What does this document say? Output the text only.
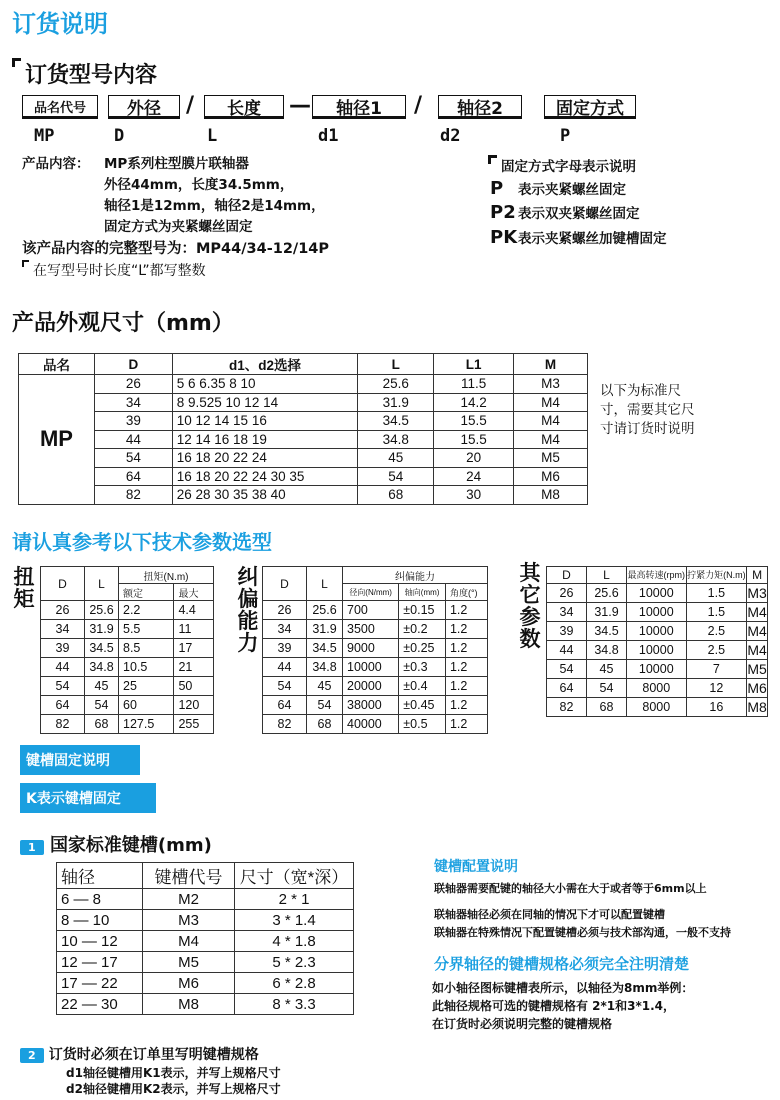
订货说明
订货型号内容
品名代号	外径	/	长度	—	轴径1	/	轴径2	固定方式
MP	D	L	d1	d2	P
产品内容： MP系列柱型膜片联轴器
外径44mm，长度34.5mm，
轴径1是12mm，轴径2是14mm，
固定方式为夹紧螺丝固定
该产品内容的完整型号为：MP44/34-12/14P
在写型号时长度“L”都写整数
固定方式字母表示说明
P 表示夹紧螺丝固定
P2 表示双夹紧螺丝固定
PK表示夹紧螺丝加键槽固定
产品外观尺寸（mm）
品名	D	d1、d2选择	L	L1	M
MP	26	5 6 6.35 8 10	25.6	11.5	M3
	34	8 9.525 10 12 14	31.9	14.2	M4
	39	10 12 14 15 16	34.5	15.5	M4
	44	12 14 16 18 19	34.8	15.5	M4
	54	16 18 20 22 24	45	20	M5
	64	16 18 20 22 24 30 35	54	24	M6
	82	26 28 30 35 38 40	68	30	M8
以下为标准尺寸，需要其它尺寸请订货时说明
请认真参考以下技术参数选型
扭矩
D	L	扭矩(N.m)	
		额定	最大
26	25.6	2.2	4.4
34	31.9	5.5	11
39	34.5	8.5	17
44	34.8	10.5	21
54	45	25	50
64	54	60	120
82	68	127.5	255
纠偏能力
D	L	纠偏能力		
		径向(N/mm)	轴向(mm)	角度(°)
26	25.6	700	±0.15	1.2
34	31.9	3500	±0.2	1.2
39	34.5	9000	±0.25	1.2
44	34.8	10000	±0.3	1.2
54	45	20000	±0.4	1.2
64	54	38000	±0.45	1.2
82	68	40000	±0.5	1.2
其它参数
D	L	最高转速(rpm)	拧紧力矩(N.m)	M

26	25.6	10000	1.5	M3
34	31.9	10000	1.5	M4
39	34.5	10000	2.5	M4
44	34.8	10000	2.5	M4
54	45	10000	7	M5
64	54	8000	12	M6
82	68	8000	16	M8
键槽固定说明
K表示键槽固定
1 国家标准键槽(mm)
轴径	键槽代号	尺寸（宽*深）
6 — 8	M2	2 * 1
8 — 10	M3	3 * 1.4
10 — 12	M4	4 * 1.8
12 — 17	M5	5 * 2.3
17 — 22	M6	6 * 2.8
22 — 30	M8	8 * 3.3
键槽配置说明
联轴器需要配键的轴径大小需在大于或者等于6mm以上
联轴器轴径必须在同轴的情况下才可以配置键槽
联轴器在特殊情况下配置键槽必须与技术部沟通，一般不支持
分界轴径的键槽规格必须完全注明清楚
如小轴径图标键槽表所示，以轴径为8mm举例：
此轴径规格可选的键槽规格有 2*1和3*1.4，
在订货时必须说明完整的键槽规格
2 订货时必须在订单里写明键槽规格
d1轴径键槽用K1表示，并写上规格尺寸
d2轴径键槽用K2表示，并写上规格尺寸
